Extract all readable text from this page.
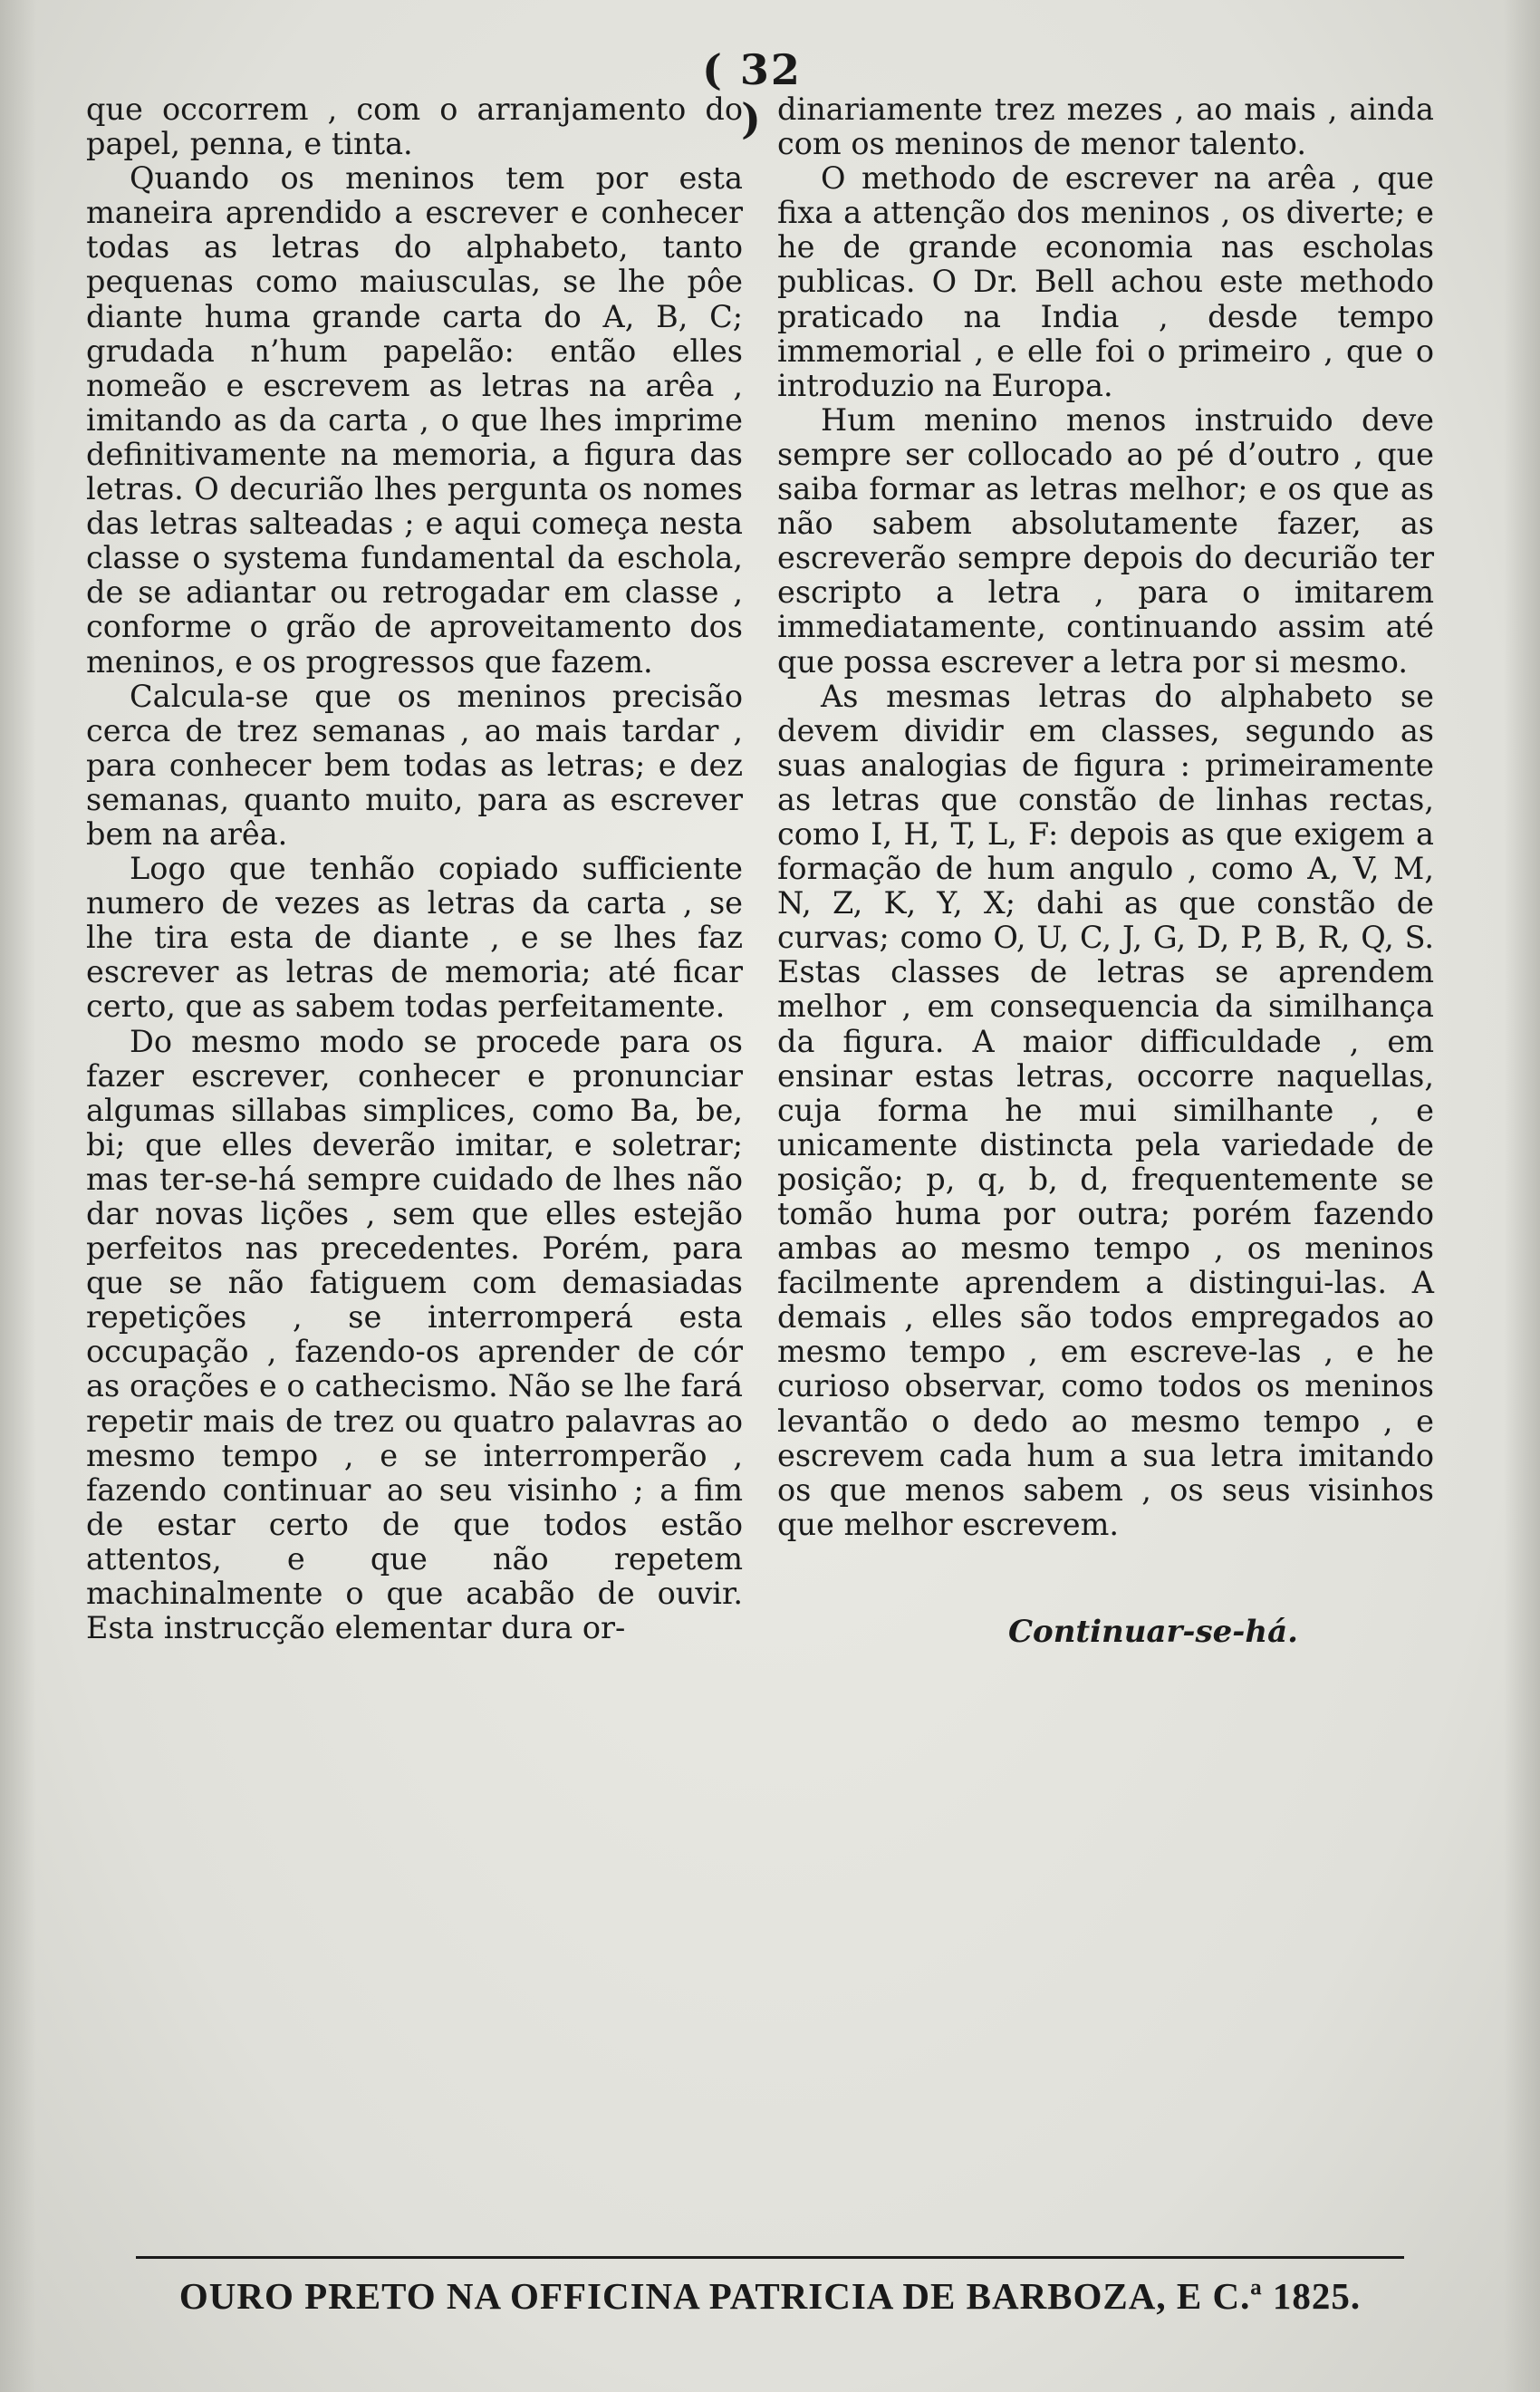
( 32 )

que occorrem , com o arranjamento do papel, penna, e tinta.

Quando os meninos tem por esta maneira aprendido a escrever e conhecer todas as letras do alphabeto, tanto pequenas como maiusculas, se lhe pôe diante huma grande carta do A, B, C; grudada n’hum papelão: então elles nomeão e escrevem as letras na arêa , imitando as da carta , o que lhes imprime definitivamente na memoria, a figura das letras. O decurião lhes pergunta os nomes das letras salteadas ; e aqui começa nesta classe o systema fundamental da eschola, de se adiantar ou retrogadar em classe , conforme o grão de aproveitamento dos meninos, e os progressos que fazem.

Calcula-se que os meninos precisão cerca de trez semanas , ao mais tardar , para conhecer bem todas as letras; e dez semanas, quanto muito, para as escrever bem na arêa.

Logo que tenhão copiado sufficiente numero de vezes as letras da carta , se lhe tira esta de diante , e se lhes faz escrever as letras de memoria; até ficar certo, que as sabem todas perfeitamente.

Do mesmo modo se procede para os fazer escrever, conhecer e pronunciar algumas sillabas simplices, como Ba, be, bi; que elles deverão imitar, e soletrar; mas ter-se-há sempre cuidado de lhes não dar novas lições , sem que elles estejão perfeitos nas precedentes. Porém, para que se não fatiguem com demasiadas repetições , se interromperá esta occupação , fazendo-os aprender de cór as orações e o cathecismo. Não se lhe fará repetir mais de trez ou quatro palavras ao mesmo tempo , e se interromperão , fazendo continuar ao seu visinho ; a fim de estar certo de que todos estão attentos, e que não repetem machinalmente o que acabão de ouvir. Esta instrucção elementar dura or-

dinariamente trez mezes , ao mais , ainda com os meninos de menor talento.

O methodo de escrever na arêa , que fixa a attenção dos meninos , os diverte; e he de grande economia nas escholas publicas. O Dr. Bell achou este methodo praticado na India , desde tempo immemorial , e elle foi o primeiro , que o introduzio na Europa.

Hum menino menos instruido deve sempre ser collocado ao pé d’outro , que saiba formar as letras melhor; e os que as não sabem absolutamente fazer, as escreverão sempre depois do decurião ter escripto a letra , para o imitarem immediatamente, continuando assim até que possa escrever a letra por si mesmo.

As mesmas letras do alphabeto se devem dividir em classes, segundo as suas analogias de figura : primeiramente as letras que constão de linhas rectas, como I, H, T, L, F: depois as que exigem a formação de hum angulo , como A, V, M, N, Z, K, Y, X; dahi as que constão de curvas; como O, U, C, J, G, D, P, B, R, Q, S. Estas classes de letras se aprendem melhor , em consequencia da similhança da figura. A maior difficuldade , em ensinar estas letras, occorre naquellas, cuja forma he mui similhante , e unicamente distincta pela variedade de posição; p, q, b, d, frequentemente se tomão huma por outra; porém fazendo ambas ao mesmo tempo , os meninos facilmente aprendem a distingui-las. A demais , elles são todos empregados ao mesmo tempo , em escreve-las , e he curioso observar, como todos os meninos levantão o dedo ao mesmo tempo , e escrevem cada hum a sua letra imitando os que menos sabem , os seus visinhos que melhor escrevem.

Continuar-se-há.
OURO PRETO NA OFFICINA PATRICIA DE BARBOZA, E C.ª 1825.
